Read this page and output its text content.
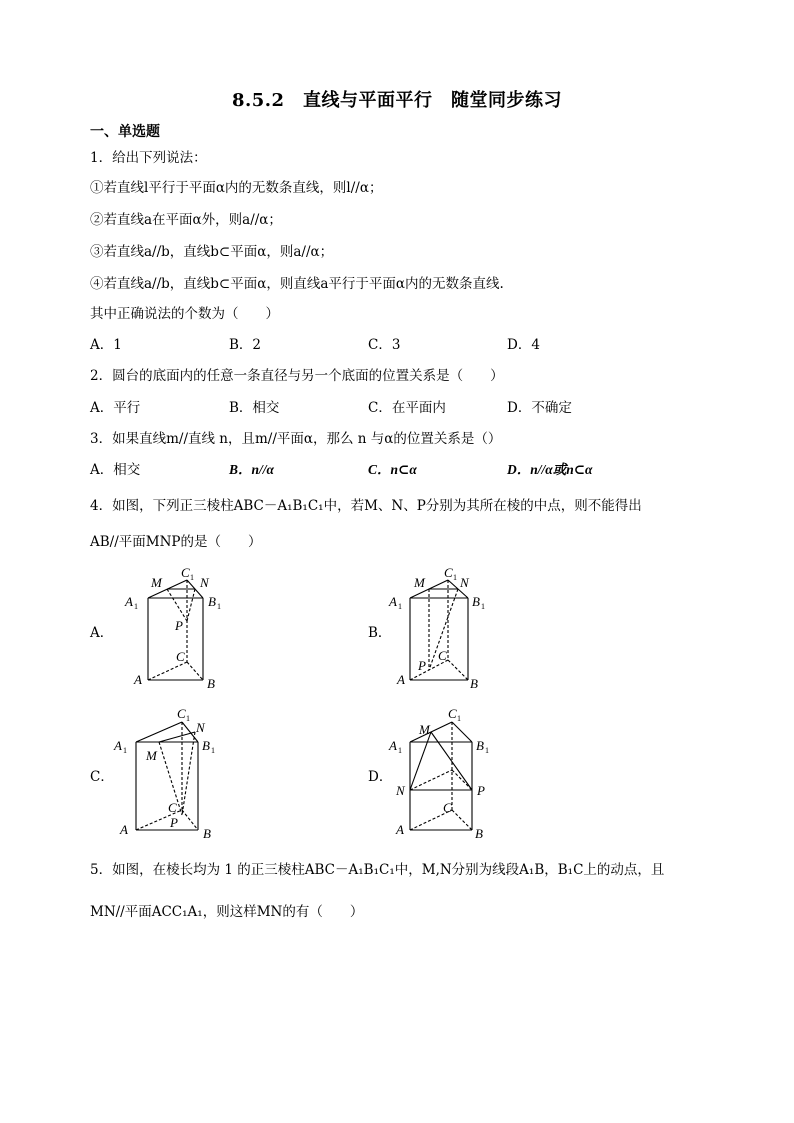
8.5.2　直线与平面平行　随堂同步练习
一、单选题
1．给出下列说法：
①若直线l平行于平面α内的无数条直线，则l//α；
②若直线a在平面α外，则a//α；
③若直线a//b，直线b⊂平面α，则a//α；
④若直线a//b，直线b⊂平面α，则直线a平行于平面α内的无数条直线.
其中正确说法的个数为（　　）
A．1	B．2	C．3	D．4
2．圆台的底面内的任意一条直径与另一个底面的位置关系是（　　）
A．平行	B．相交	C．在平面内	D．不确定
3．如果直线m//直线 n，且m//平面α，那么 n 与α的位置关系是（）
A．相交	B．n//α	C．n⊂α	D．n//α或n⊂α
4．如图，下列正三棱柱ABC－A₁B₁C₁中，若M、N、P分别为其所在棱的中点，则不能得出
AB//平面MNP的是（　　）
A．	B．
C．	D．
M
C 1 N
A 1	B 1
P
C
A	B
M
C 1 N
A 1	B 1
C
P
A	B
C 1
N
A 1	B 1
M
C
P
A	B
M
C 1
A 1	B 1
N	P
C
A	B
5．如图，在棱长均为 1 的正三棱柱ABC－A₁B₁C₁中，M,N分别为线段A₁B，B₁C上的动点，且
MN//平面ACC₁A₁，则这样MN的有（　　）
